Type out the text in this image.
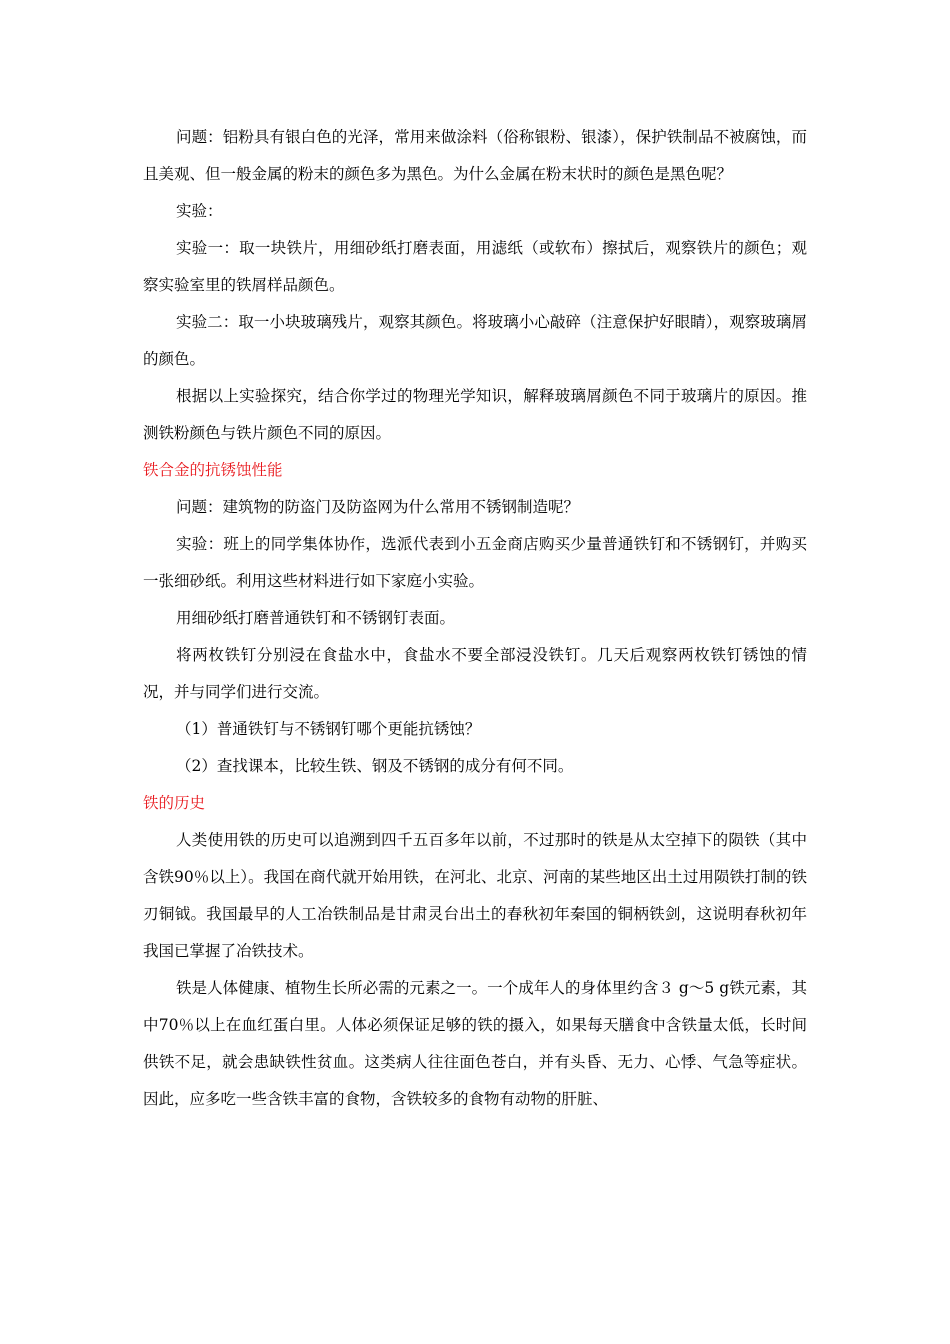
问题：铝粉具有银白色的光泽，常用来做涂料（俗称银粉、银漆），保护铁制品不被腐蚀，而且美观、但一般金属的粉末的颜色多为黑色。为什么金属在粉末状时的颜色是黑色呢？

实验：

实验一：取一块铁片，用细砂纸打磨表面，用滤纸（或软布）擦拭后，观察铁片的颜色；观察实验室里的铁屑样品颜色。

实验二：取一小块玻璃残片，观察其颜色。将玻璃小心敲碎（注意保护好眼睛），观察玻璃屑的颜色。

根据以上实验探究，结合你学过的物理光学知识，解释玻璃屑颜色不同于玻璃片的原因。推测铁粉颜色与铁片颜色不同的原因。

铁合金的抗锈蚀性能

问题：建筑物的防盗门及防盗网为什么常用不锈钢制造呢？

实验：班上的同学集体协作，选派代表到小五金商店购买少量普通铁钉和不锈钢钉，并购买一张细砂纸。利用这些材料进行如下家庭小实验。

用细砂纸打磨普通铁钉和不锈钢钉表面。

将两枚铁钉分别浸在食盐水中，食盐水不要全部浸没铁钉。几天后观察两枚铁钉锈蚀的情况，并与同学们进行交流。

（1）普通铁钉与不锈钢钉哪个更能抗锈蚀？

（2）查找课本，比较生铁、钢及不锈钢的成分有何不同。

铁的历史

人类使用铁的历史可以追溯到四千五百多年以前，不过那时的铁是从太空掉下的陨铁（其中含铁90％以上）。我国在商代就开始用铁，在河北、北京、河南的某些地区出土过用陨铁打制的铁刃铜钺。我国最早的人工冶铁制品是甘肃灵台出土的春秋初年秦国的铜柄铁剑，这说明春秋初年我国已掌握了冶铁技术。

铁是人体健康、植物生长所必需的元素之一。一个成年人的身体里约含３ g～5 g铁元素，其中70％以上在血红蛋白里。人体必须保证足够的铁的摄入，如果每天膳食中含铁量太低，长时间供铁不足，就会患缺铁性贫血。这类病人往往面色苍白，并有头昏、无力、心悸、气急等症状。因此，应多吃一些含铁丰富的食物，含铁较多的食物有动物的肝脏、
